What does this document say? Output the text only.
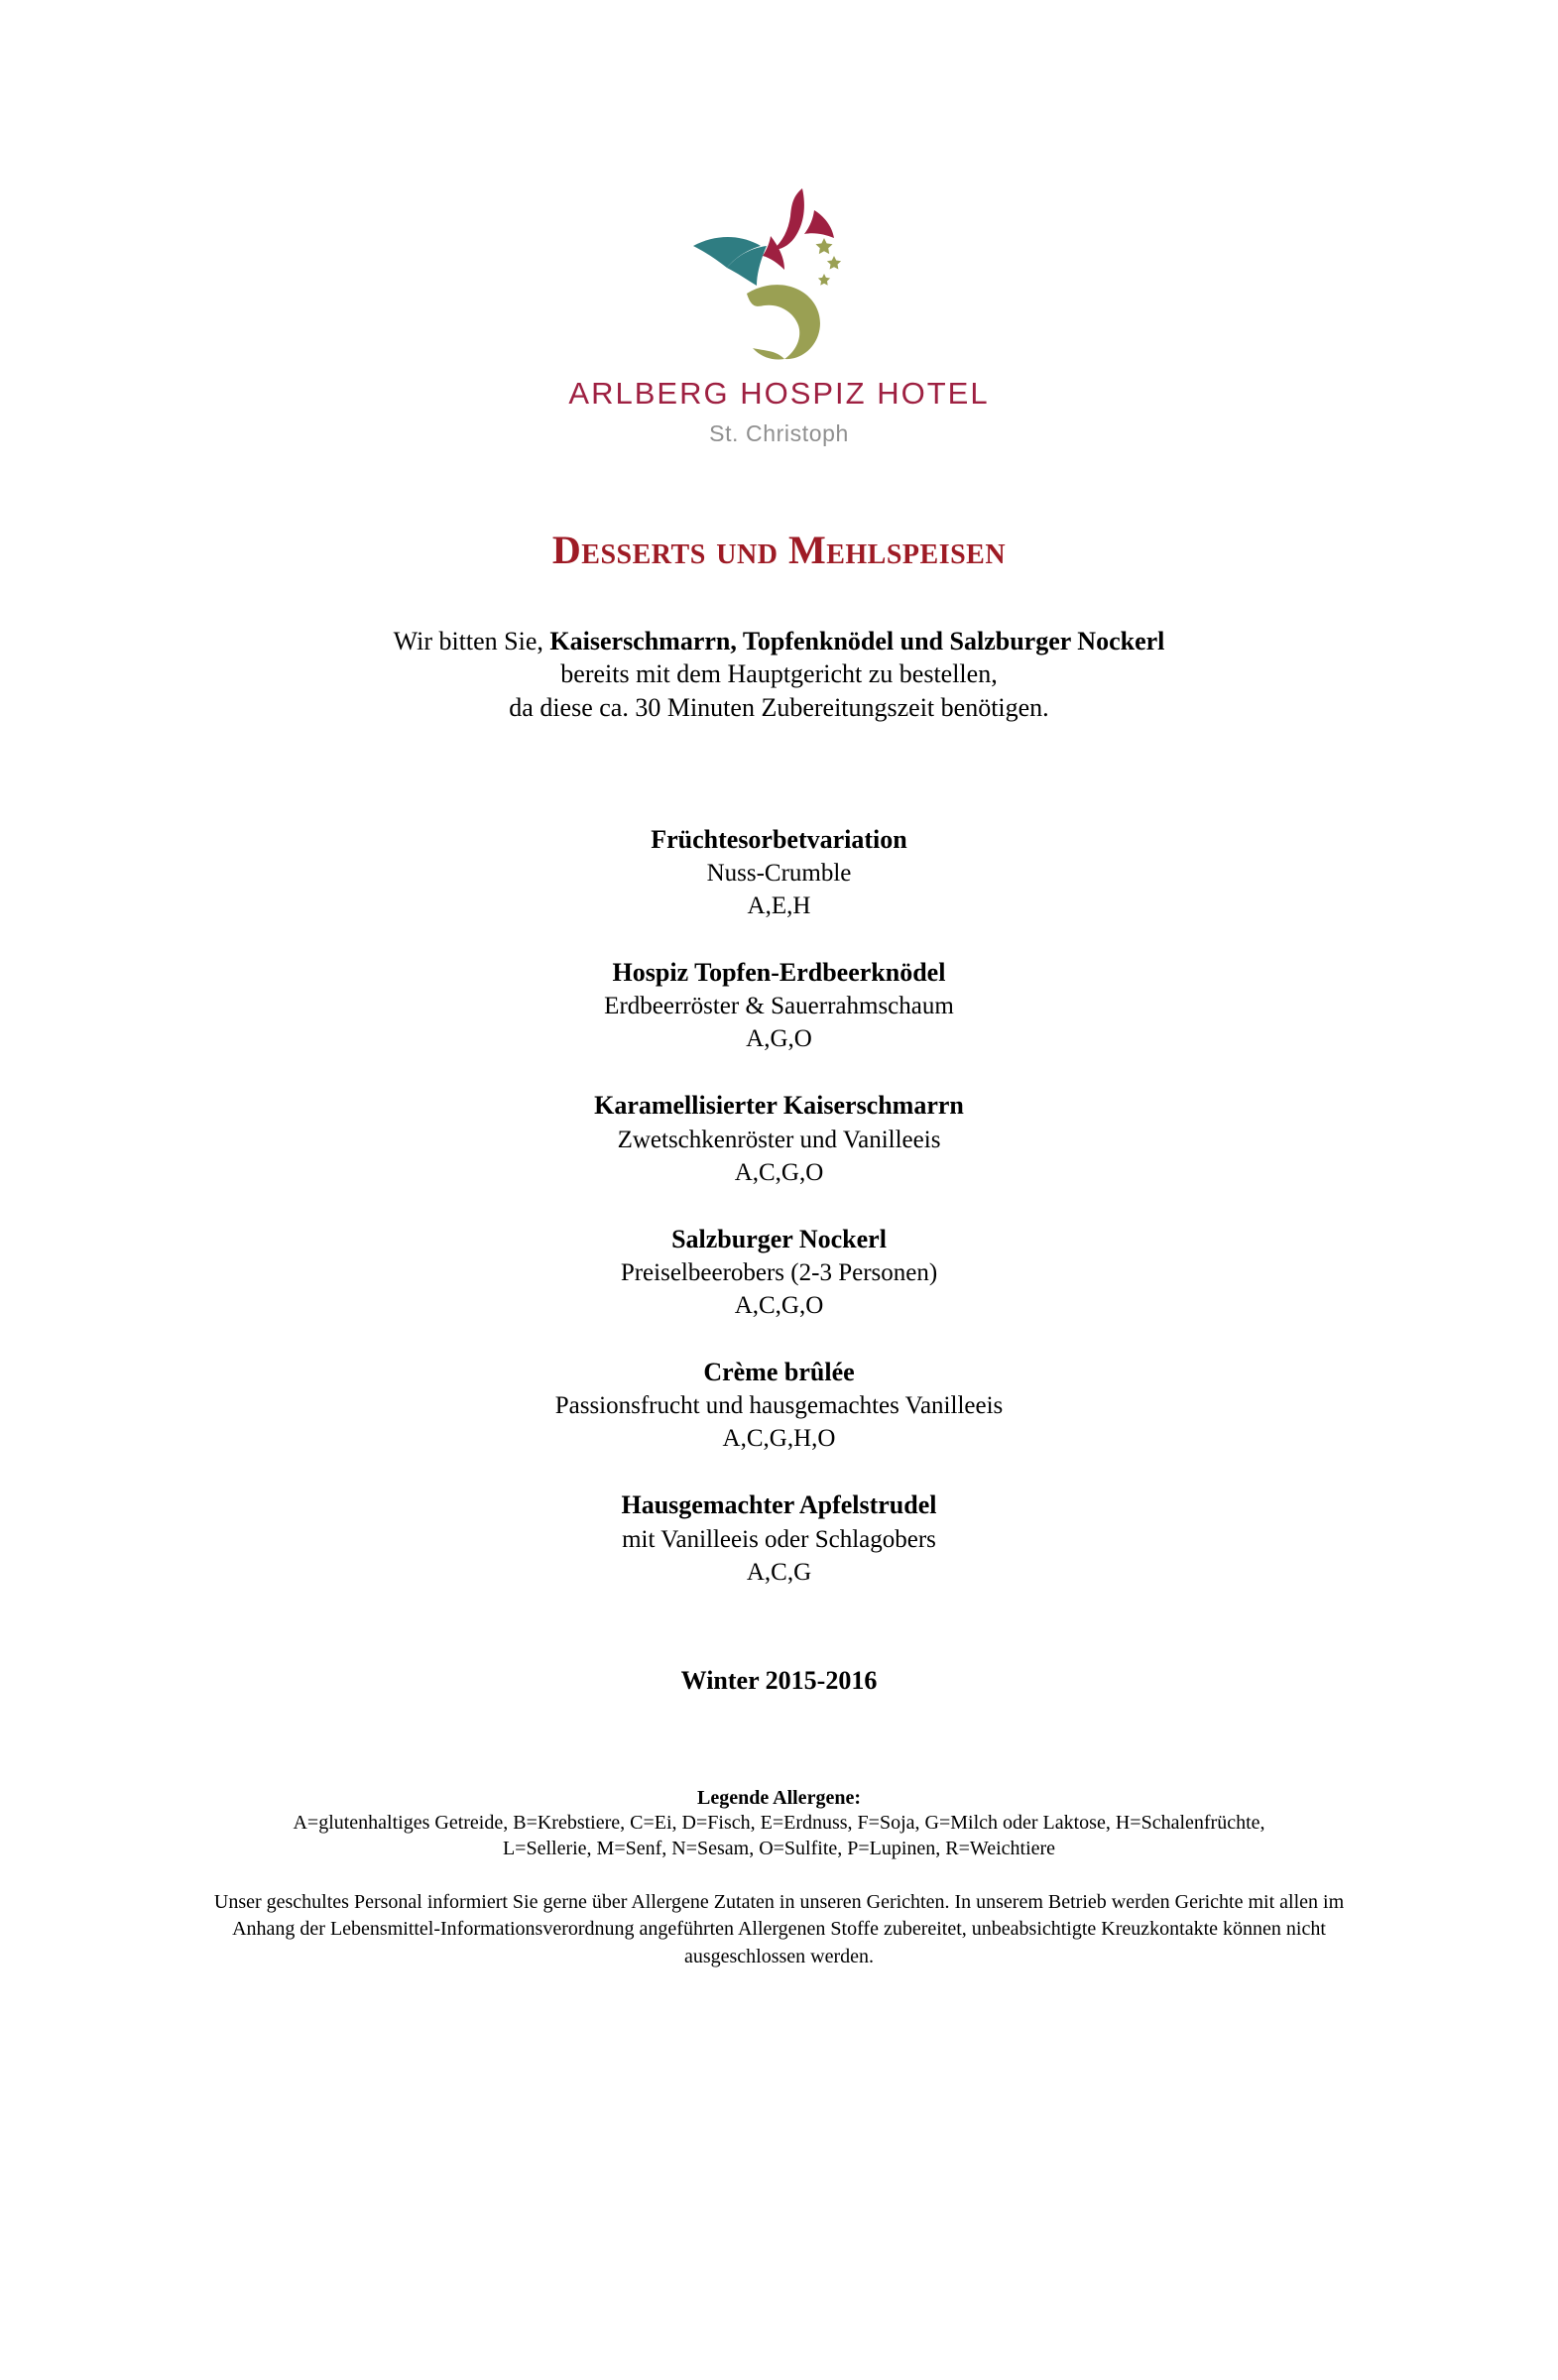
ARLBERG HOSPIZ HOTEL
St. Christoph
Desserts und Mehlspeisen
Wir bitten Sie, Kaiserschmarrn, Topfenknödel und Salzburger Nockerl
bereits mit dem Hauptgericht zu bestellen,
da diese ca. 30 Minuten Zubereitungszeit benötigen.
Früchtesorbetvariation
Nuss-Crumble
A,E,H
Hospiz Topfen-Erdbeerknödel
Erdbeerröster & Sauerrahmschaum
A,G,O
Karamellisierter Kaiserschmarrn
Zwetschkenröster und Vanilleeis
A,C,G,O
Salzburger Nockerl
Preiselbeerobers (2-3 Personen)
A,C,G,O
Crème brûlée
Passionsfrucht und hausgemachtes Vanilleeis
A,C,G,H,O
Hausgemachter Apfelstrudel
mit Vanilleeis oder Schlagobers
A,C,G
Winter 2015-2016
Legende Allergene:
A=glutenhaltiges Getreide, B=Krebstiere, C=Ei, D=Fisch, E=Erdnuss, F=Soja, G=Milch oder Laktose, H=Schalenfrüchte,
L=Sellerie, M=Senf, N=Sesam, O=Sulfite, P=Lupinen, R=Weichtiere
Unser geschultes Personal informiert Sie gerne über Allergene Zutaten in unseren Gerichten. In unserem Betrieb werden Gerichte mit allen im Anhang der Lebensmittel-Informationsverordnung angeführten Allergenen Stoffe zubereitet, unbeabsichtigte Kreuzkontakte können nicht ausgeschlossen werden.
